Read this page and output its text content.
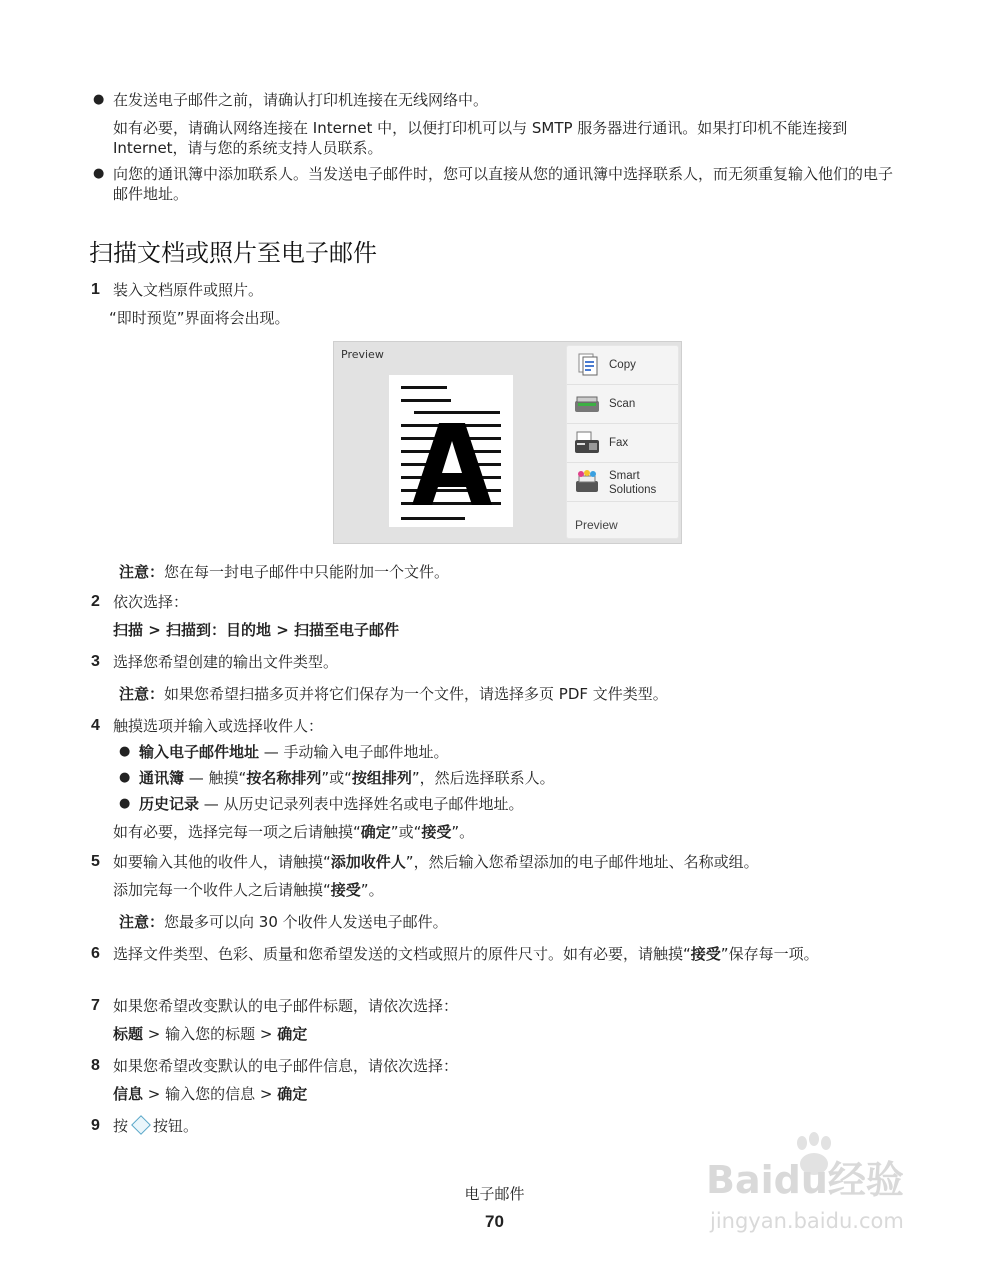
● 在发送电子邮件之前，请确认打印机连接在无线网络中。
如有必要，请确认网络连接在 Internet 中，以便打印机可以与 SMTP 服务器进行通讯。如果打印机不能连接到 Internet，请与您的系统支持人员联系。
● 向您的通讯簿中添加联系人。当发送电子邮件时，您可以直接从您的通讯簿中选择联系人，而无须重复输入他们的电子邮件地址。
扫描文档或照片至电子邮件
1 装入文档原件或照片。
“即时预览”界面将会出现。
Preview
Copy
Scan
Fax
Smart Solutions
Preview
注意：您在每一封电子邮件中只能附加一个文件。
2 依次选择：
扫描 > 扫描到：目的地 > 扫描至电子邮件
3 选择您希望创建的输出文件类型。
注意：如果您希望扫描多页并将它们保存为一个文件，请选择多页 PDF 文件类型。
4 触摸选项并输入或选择收件人：
● 输入电子邮件地址 — 手动输入电子邮件地址。
● 通讯簿 — 触摸“按名称排列”或“按组排列”，然后选择联系人。
● 历史记录 — 从历史记录列表中选择姓名或电子邮件地址。
如有必要，选择完每一项之后请触摸“确定”或“接受”。
5 如要输入其他的收件人，请触摸“添加收件人”，然后输入您希望添加的电子邮件地址、名称或组。
添加完每一个收件人之后请触摸“接受”。
注意：您最多可以向 30 个收件人发送电子邮件。
6 选择文件类型、色彩、质量和您希望发送的文档或照片的原件尺寸。如有必要，请触摸“接受”保存每一项。
7 如果您希望改变默认的电子邮件标题，请依次选择：
标题 > 输入您的标题 > 确定
8 如果您希望改变默认的电子邮件信息，请依次选择：
信息 > 输入您的信息 > 确定
9 按 按钮。
电子邮件
70
Baidu经验
jingyan.baidu.com
